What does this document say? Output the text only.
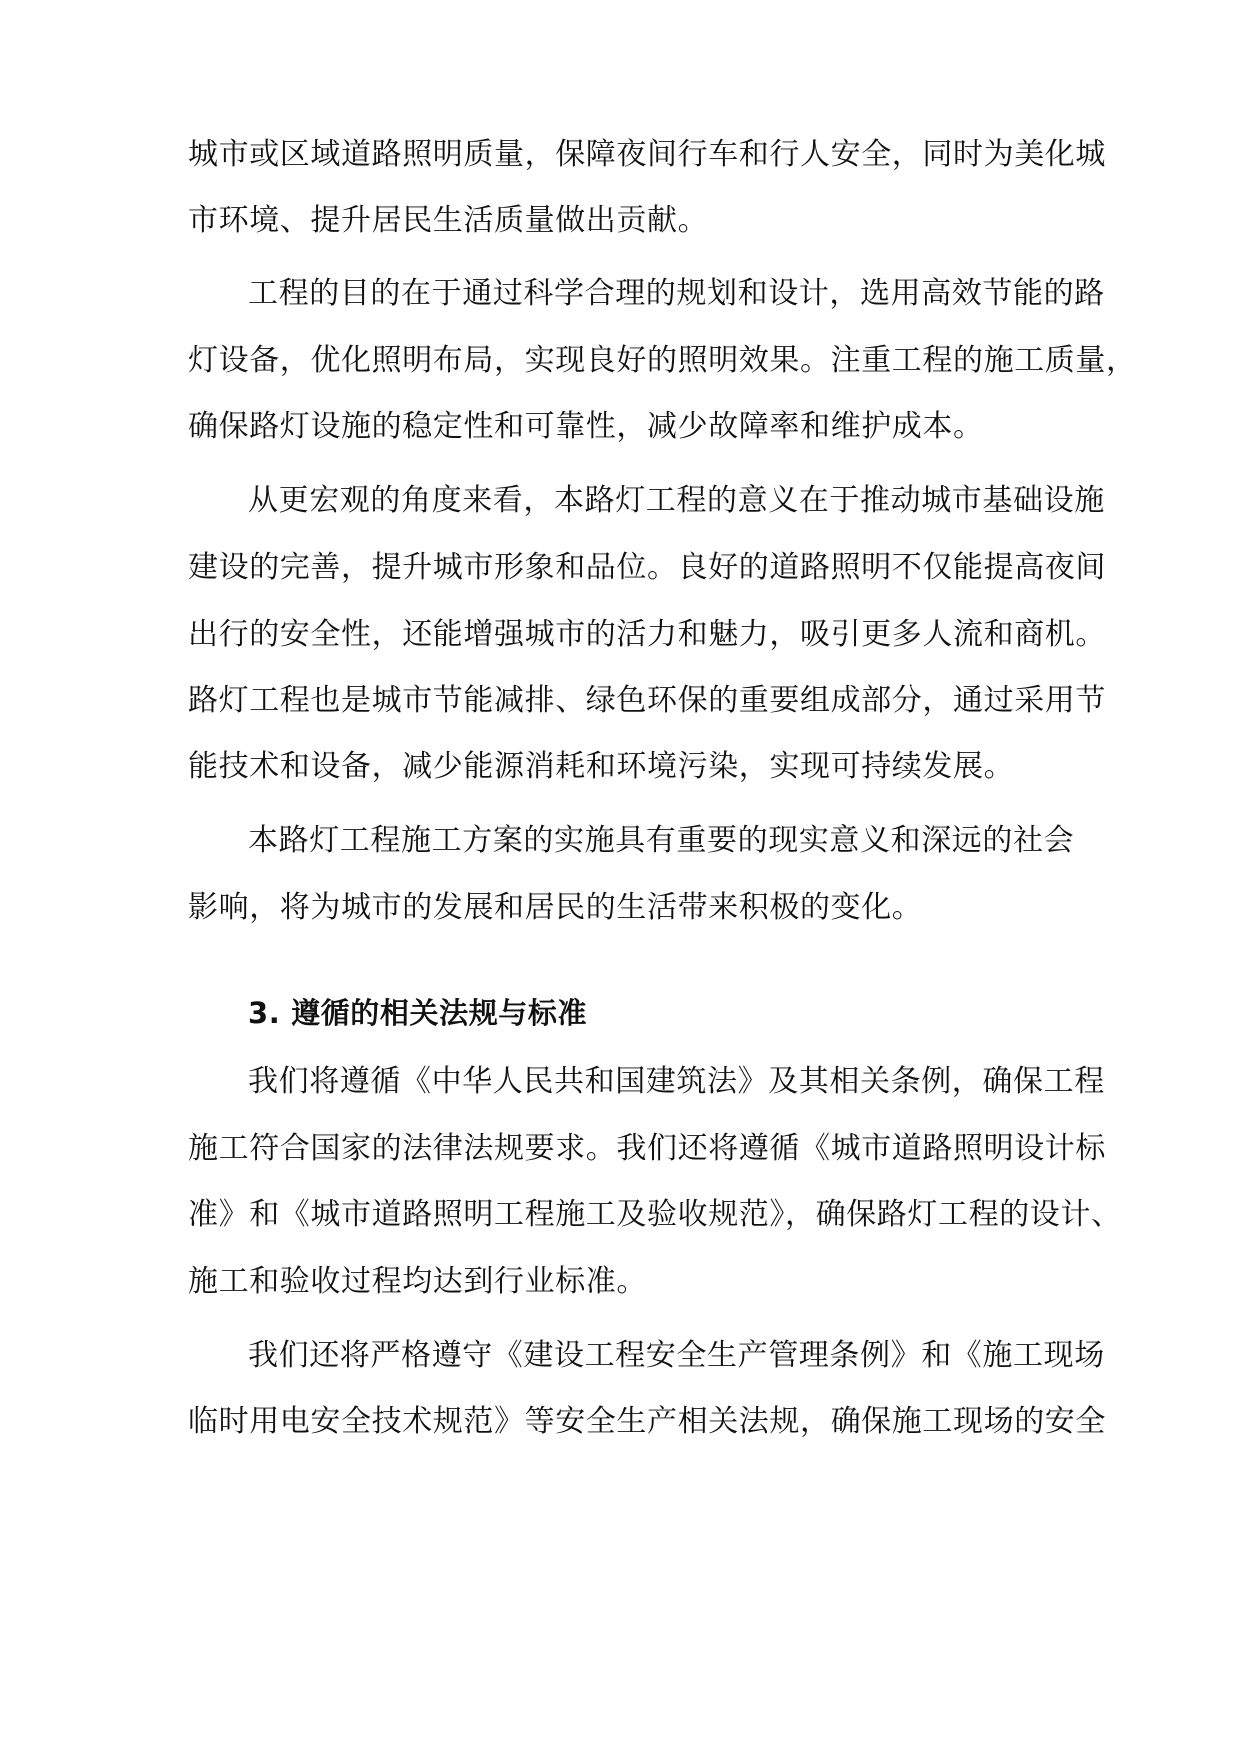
城市或区域道路照明质量，保障夜间行车和行人安全，同时为美化城
市环境、提升居民生活质量做出贡献。
工程的目的在于通过科学合理的规划和设计，选用高效节能的路
灯设备，优化照明布局，实现良好的照明效果。注重工程的施工质量，
确保路灯设施的稳定性和可靠性，减少故障率和维护成本。
从更宏观的角度来看，本路灯工程的意义在于推动城市基础设施
建设的完善，提升城市形象和品位。良好的道路照明不仅能提高夜间
出行的安全性，还能增强城市的活力和魅力，吸引更多人流和商机。
路灯工程也是城市节能减排、绿色环保的重要组成部分，通过采用节
能技术和设备，减少能源消耗和环境污染，实现可持续发展。
本路灯工程施工方案的实施具有重要的现实意义和深远的社会
影响，将为城市的发展和居民的生活带来积极的变化。
3. 遵循的相关法规与标准
我们将遵循《中华人民共和国建筑法》及其相关条例，确保工程
施工符合国家的法律法规要求。我们还将遵循《城市道路照明设计标
准》和《城市道路照明工程施工及验收规范》，确保路灯工程的设计、
施工和验收过程均达到行业标准。
我们还将严格遵守《建设工程安全生产管理条例》和《施工现场
临时用电安全技术规范》等安全生产相关法规，确保施工现场的安全
